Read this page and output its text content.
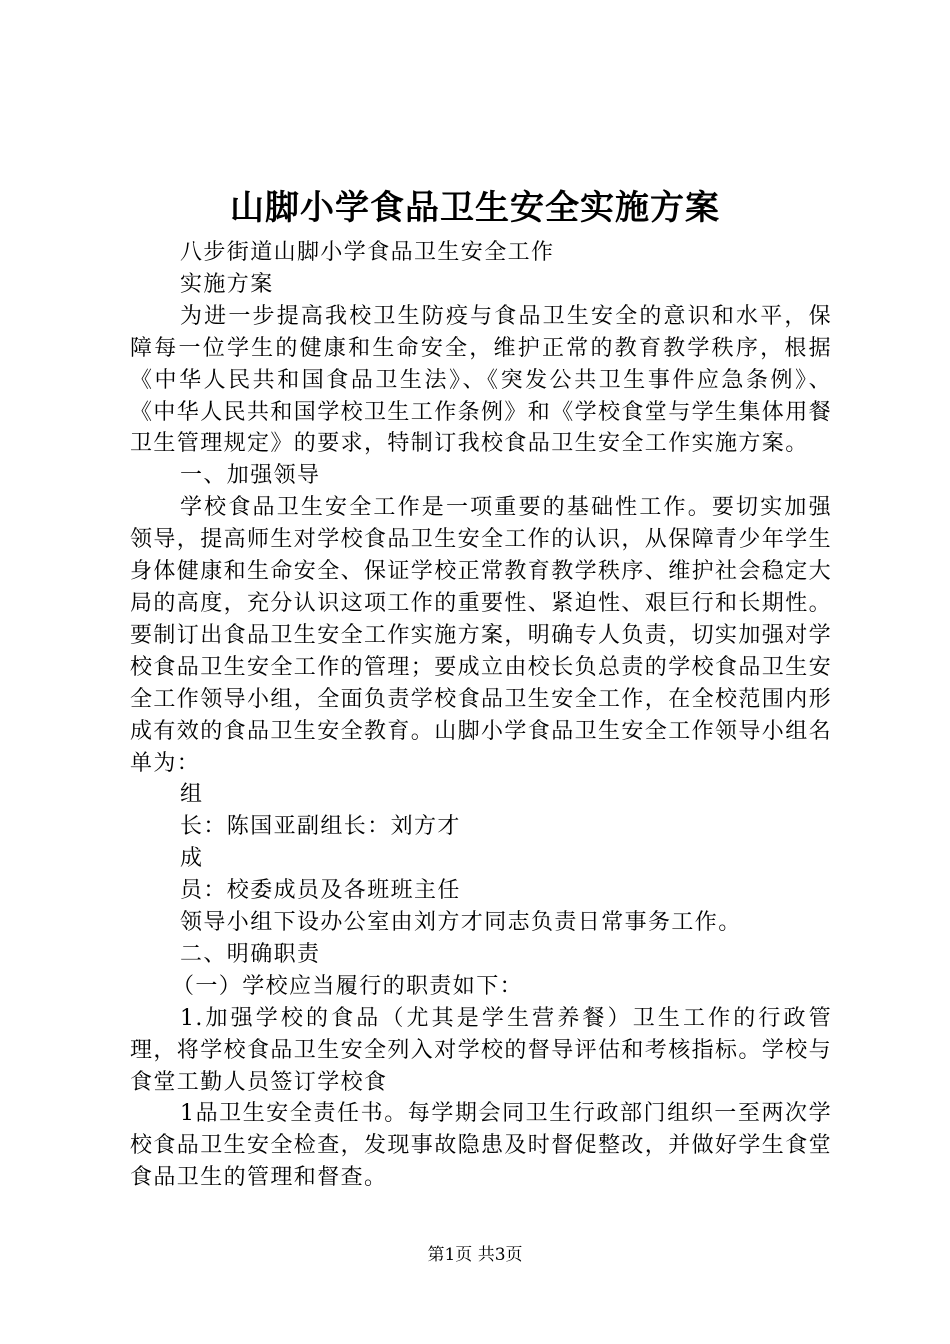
山脚小学食品卫生安全实施方案

八步街道山脚小学食品卫生安全工作

实施方案

为进一步提高我校卫生防疫与食品卫生安全的意识和水平，保障每一位学生的健康和生命安全，维护正常的教育教学秩序，根据《中华人民共和国食品卫生法》、《突发公共卫生事件应急条例》、《中华人民共和国学校卫生工作条例》和《学校食堂与学生集体用餐卫生管理规定》的要求，特制订我校食品卫生安全工作实施方案。

一、加强领导

学校食品卫生安全工作是一项重要的基础性工作。要切实加强领导，提高师生对学校食品卫生安全工作的认识，从保障青少年学生身体健康和生命安全、保证学校正常教育教学秩序、维护社会稳定大局的高度，充分认识这项工作的重要性、紧迫性、艰巨行和长期性。要制订出食品卫生安全工作实施方案，明确专人负责，切实加强对学校食品卫生安全工作的管理；要成立由校长负总责的学校食品卫生安全工作领导小组，全面负责学校食品卫生安全工作，在全校范围内形成有效的食品卫生安全教育。山脚小学食品卫生安全工作领导小组名单为：

组

长：陈国亚副组长：刘方才

成

员：校委成员及各班班主任

领导小组下设办公室由刘方才同志负责日常事务工作。

二、明确职责

（一）学校应当履行的职责如下：

1.加强学校的食品（尤其是学生营养餐）卫生工作的行政管理，将学校食品卫生安全列入对学校的督导评估和考核指标。学校与食堂工勤人员签订学校食

1品卫生安全责任书。每学期会同卫生行政部门组织一至两次学校食品卫生安全检查，发现事故隐患及时督促整改，并做好学生食堂食品卫生的管理和督查。

第1页 共3页
